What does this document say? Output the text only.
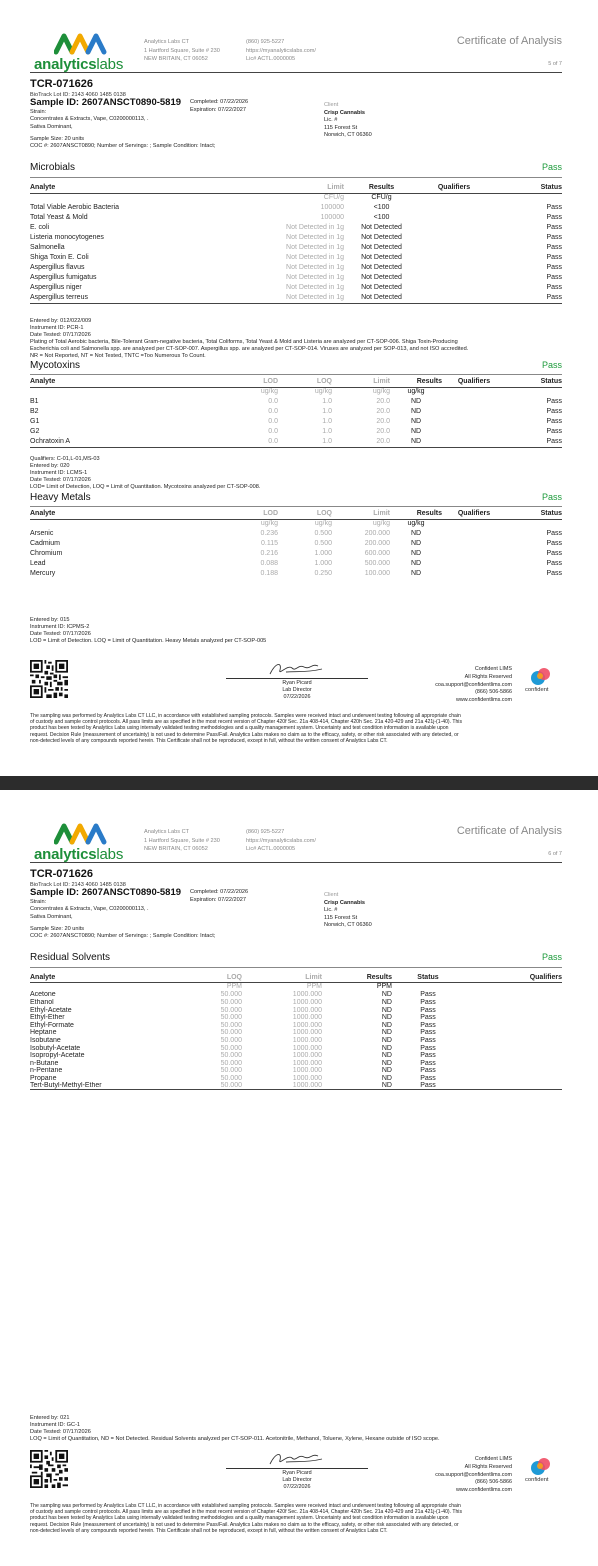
analyticslabs
Analytics Labs CT
1 Hartford Square, Suite # 230
NEW BRITAIN, CT 06052
(860) 925-5227
https://myanalyticslabs.com/
Lic# ACTL.0000005
Certificate of Analysis
5 of 7
TCR-071626
BioTrack Lot ID: 2143 4060 1485 0138
Sample ID: 2607ANSCT0890-5819 Completed: 07/22/2026
Expiration: 07/22/2027
Strain:
Concentrates & Extracts, Vape, C0200000113, .
Sativa Dominant,
Sample Size: 20 units
COC #: 2607ANSCT0890; Number of Servings: ; Sample Condition: Intact;
Client
Crisp Cannabis
Lic. #
115 Forest St
Norwich, CT 06360
Microbials	Pass
Analyte	Limit	Results	Qualifiers	Status
	CFU/g	CFU/g		
Total Viable Aerobic Bacteria	100000	<100		Pass
Total Yeast & Mold	100000	<100		Pass
E. coli	Not Detected in 1g	Not Detected		Pass
Listeria monocytogenes	Not Detected in 1g	Not Detected		Pass
Salmonella	Not Detected in 1g	Not Detected		Pass
Shiga Toxin E. Coli	Not Detected in 1g	Not Detected		Pass
Aspergillus flavus	Not Detected in 1g	Not Detected		Pass
Aspergillus fumigatus	Not Detected in 1g	Not Detected		Pass
Aspergillus niger	Not Detected in 1g	Not Detected		Pass
Aspergillus terreus	Not Detected in 1g	Not Detected		Pass
Entered by: 012/022/009
Instrument ID: PCR-1
Date Tested: 07/17/2026
Plating of Total Aerobic bacteria, Bile-Tolerant Gram-negative bacteria, Total Coliforms, Total Yeast & Mold and Listeria are analyzed per CT-SOP-006. Shiga Toxin-Producing
Escherichia coli and Salmonella spp. are analyzed per CT-SOP-007. Aspergillus spp. are analyzed per CT-SOP-014. Viruses are analyzed per SOP-013, and not ISO accredited.
NR = Not Reported, NT = Not Tested, TNTC =Too Numerous To Count.
Mycotoxins	Pass
Analyte	LOD	LOQ	Limit	Results	Qualifiers	Status
	ug/kg	ug/kg	ug/kg	ug/kg		
B1	0.0	1.0	20.0	ND		Pass
B2	0.0	1.0	20.0	ND		Pass
G1	0.0	1.0	20.0	ND		Pass
G2	0.0	1.0	20.0	ND		Pass
Ochratoxin A	0.0	1.0	20.0	ND		Pass
Qualifiers: C-01,L-01,MS-03
Entered by: 020
Instrument ID: LCMS-1
Date Tested: 07/17/2026
LOD= Limit of Detection, LOQ = Limit of Quantitation. Mycotoxins analyzed per CT-SOP-008.
Heavy Metals	Pass
Analyte	LOD	LOQ	Limit	Results	Qualifiers	Status
	ug/kg	ug/kg	ug/kg	ug/kg		
Arsenic	0.236	0.500	200.000	ND		Pass
Cadmium	0.115	0.500	200.000	ND		Pass
Chromium	0.216	1.000	600.000	ND		Pass
Lead	0.088	1.000	500.000	ND		Pass
Mercury	0.188	0.250	100.000	ND		Pass
Entered by: 015
Instrument ID: ICPMS-2
Date Tested: 07/17/2026
LOD = Limit of Detection. LOQ = Limit of Quantitation. Heavy Metals analyzed per CT-SOP-005
Ryan Picard
Lab Director
07/22/2026
Confident LIMS
All Rights Reserved
coa.support@confidentlims.com
(866) 506-5866
www.confidentlims.com
confident
The sampling was performed by Analytics Labs CT LLC, in accordance with established sampling protocols. Samples were received intact and underwent testing following all appropriate chain
of custody and sample control protocols. All pass limits are as specified in the most recent version of Chapter 420f Sec. 21a 408-414, Chapter 420h Sec. 21a 420-429 and 21a 421j-(1-40). This
product has been tested by Analytics Labs using internally validated testing methodologies and a quality management system. Uncertainty and test condition information is available upon
request. Decision Rule (measurement of uncertainty) is not used to determine Pass/Fail. Analytics Labs makes no claim as to the efficacy, safety, or other risk associated with any detected, or
non-detected levels of any compounds reported herein. This Certificate shall not be reproduced, except in full, without the written consent of Analytics Labs CT.
analyticslabs
Analytics Labs CT
1 Hartford Square, Suite # 230
NEW BRITAIN, CT 06052
(860) 925-5227
https://myanalyticslabs.com/
Lic# ACTL.0000005
Certificate of Analysis
6 of 7
TCR-071626
BioTrack Lot ID: 2143 4060 1485 0138
Sample ID: 2607ANSCT0890-5819 Completed: 07/22/2026
Expiration: 07/22/2027
Strain:
Concentrates & Extracts, Vape, C0200000113, .
Sativa Dominant,
Sample Size: 20 units
COC #: 2607ANSCT0890; Number of Servings: ; Sample Condition: Intact;
Client
Crisp Cannabis
Lic. #
115 Forest St
Norwich, CT 06360
Residual Solvents	Pass
Analyte	LOQ	Limit	Results	Status	Qualifiers
	PPM	PPM	PPM		
Acetone	50.000	1000.000	ND	Pass	
Ethanol	50.000	1000.000	ND	Pass	
Ethyl-Acetate	50.000	1000.000	ND	Pass	
Ethyl-Ether	50.000	1000.000	ND	Pass	
Ethyl-Formate	50.000	1000.000	ND	Pass	
Heptane	50.000	1000.000	ND	Pass	
Isobutane	50.000	1000.000	ND	Pass	
Isobutyl-Acetate	50.000	1000.000	ND	Pass	
Isopropyl-Acetate	50.000	1000.000	ND	Pass	
n-Butane	50.000	1000.000	ND	Pass	
n-Pentane	50.000	1000.000	ND	Pass	
Propane	50.000	1000.000	ND	Pass	
Tert-Butyl-Methyl-Ether	50.000	1000.000	ND	Pass	
Entered by: 021
Instrument ID: GC-1
Date Tested: 07/17/2026
LOQ = Limit of Quantitation, ND = Not Detected. Residual Solvents analyzed per CT-SOP-011. Acetonitrile, Methanol, Toluene, Xylene, Hexane outside of ISO scope.
Ryan Picard
Lab Director
07/22/2026
Confident LIMS
All Rights Reserved
coa.support@confidentlims.com
(866) 506-5866
www.confidentlims.com
confident
The sampling was performed by Analytics Labs CT LLC, in accordance with established sampling protocols. Samples were received intact and underwent testing following all appropriate chain
of custody and sample control protocols. All pass limits are as specified in the most recent version of Chapter 420f Sec. 21a 408-414, Chapter 420h Sec. 21a 420-429 and 21a 421j-(1-40). This
product has been tested by Analytics Labs using internally validated testing methodologies and a quality management system. Uncertainty and test condition information is available upon
request. Decision Rule (measurement of uncertainty) is not used to determine Pass/Fail. Analytics Labs makes no claim as to the efficacy, safety, or other risk associated with any detected, or
non-detected levels of any compounds reported herein. This Certificate shall not be reproduced, except in full, without the written consent of Analytics Labs CT.
